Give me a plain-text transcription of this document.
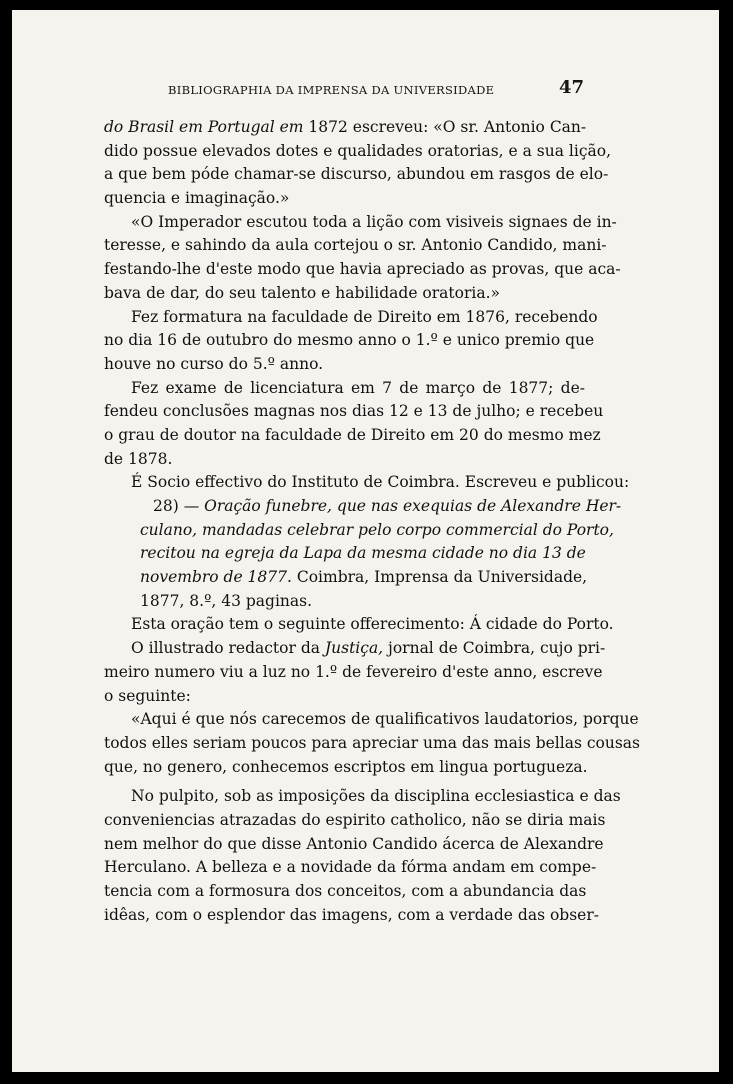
BIBLIOGRAPHIA DA IMPRENSA DA UNIVERSIDADE	47
do Brasil em Portugal em 1872 escreveu: «O sr. Antonio Can-
dido possue elevados dotes e qualidades oratorias, e a sua lição,
a que bem póde chamar-se discurso, abundou em rasgos de elo-
quencia e imaginação.»
«O Imperador escutou toda a lição com visiveis signaes de in-
teresse, e sahindo da aula cortejou o sr. Antonio Candido, mani-
festando-lhe d'este modo que havia apreciado as provas, que aca-
bava de dar, do seu talento e habilidade oratoria.»
Fez formatura na faculdade de Direito em 1876, recebendo
no dia 16 de outubro do mesmo anno o 1.º e unico premio que
houve no curso do 5.º anno.
Fez exame de licenciatura em 7 de março de 1877; de-
fendeu conclusões magnas nos dias 12 e 13 de julho; e recebeu
o grau de doutor na faculdade de Direito em 20 do mesmo mez
de 1878.
É Socio effectivo do Instituto de Coimbra. Escreveu e publicou:
28) — Oração funebre, que nas exequias de Alexandre Her-
culano, mandadas celebrar pelo corpo commercial do Porto,
recitou na egreja da Lapa da mesma cidade no dia 13 de
novembro de 1877. Coimbra, Imprensa da Universidade,
1877, 8.º, 43 paginas.
Esta oração tem o seguinte offerecimento: Á cidade do Porto.
O illustrado redactor da Justiça, jornal de Coimbra, cujo pri-
meiro numero viu a luz no 1.º de fevereiro d'este anno, escreve
o seguinte:
«Aqui é que nós carecemos de qualificativos laudatorios, porque
todos elles seriam poucos para apreciar uma das mais bellas cousas
que, no genero, conhecemos escriptos em lingua portugueza.
No pulpito, sob as imposições da disciplina ecclesiastica e das
conveniencias atrazadas do espirito catholico, não se diria mais
nem melhor do que disse Antonio Candido ácerca de Alexandre
Herculano. A belleza e a novidade da fórma andam em compe-
tencia com a formosura dos conceitos, com a abundancia das
idêas, com o esplendor das imagens, com a verdade das obser-
